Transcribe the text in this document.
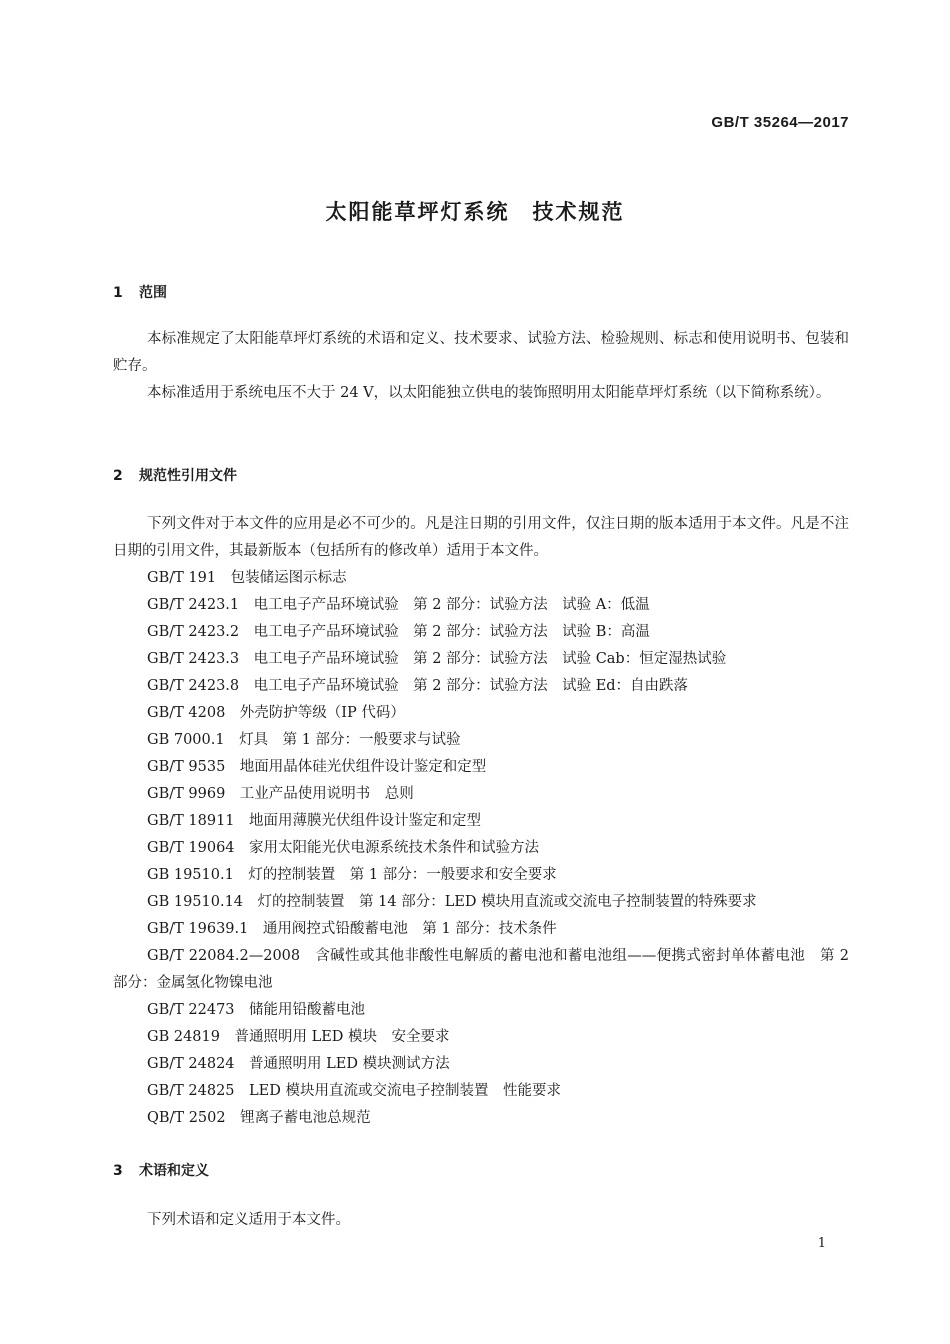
GB/T 35264—2017
太阳能草坪灯系统　技术规范
1 范围

本标准规定了太阳能草坪灯系统的术语和定义、技术要求、试验方法、检验规则、标志和使用说明书、包装和贮存。

本标准适用于系统电压不大于 24 V，以太阳能独立供电的装饰照明用太阳能草坪灯系统（以下简称系统）。

2 规范性引用文件

下列文件对于本文件的应用是必不可少的。凡是注日期的引用文件，仅注日期的版本适用于本文件。凡是不注日期的引用文件，其最新版本（包括所有的修改单）适用于本文件。

GB/T 191　包装储运图示标志
GB/T 2423.1　电工电子产品环境试验　第 2 部分：试验方法　试验 A：低温
GB/T 2423.2　电工电子产品环境试验　第 2 部分：试验方法　试验 B：高温
GB/T 2423.3　电工电子产品环境试验　第 2 部分：试验方法　试验 Cab：恒定湿热试验
GB/T 2423.8　电工电子产品环境试验　第 2 部分：试验方法　试验 Ed：自由跌落
GB/T 4208　外壳防护等级（IP 代码）
GB 7000.1　灯具　第 1 部分：一般要求与试验
GB/T 9535　地面用晶体硅光伏组件设计鉴定和定型
GB/T 9969　工业产品使用说明书　总则
GB/T 18911　地面用薄膜光伏组件设计鉴定和定型
GB/T 19064　家用太阳能光伏电源系统技术条件和试验方法
GB 19510.1　灯的控制装置　第 1 部分：一般要求和安全要求
GB 19510.14　灯的控制装置　第 14 部分：LED 模块用直流或交流电子控制装置的特殊要求
GB/T 19639.1　通用阀控式铅酸蓄电池　第 1 部分：技术条件
GB/T 22084.2—2008　含碱性或其他非酸性电解质的蓄电池和蓄电池组——便携式密封单体蓄电池　第 2 部分：金属氢化物镍电池
GB/T 22473　储能用铅酸蓄电池
GB 24819　普通照明用 LED 模块　安全要求
GB/T 24824　普通照明用 LED 模块测试方法
GB/T 24825　LED 模块用直流或交流电子控制装置　性能要求
QB/T 2502　锂离子蓄电池总规范
3 术语和定义

下列术语和定义适用于本文件。

1
